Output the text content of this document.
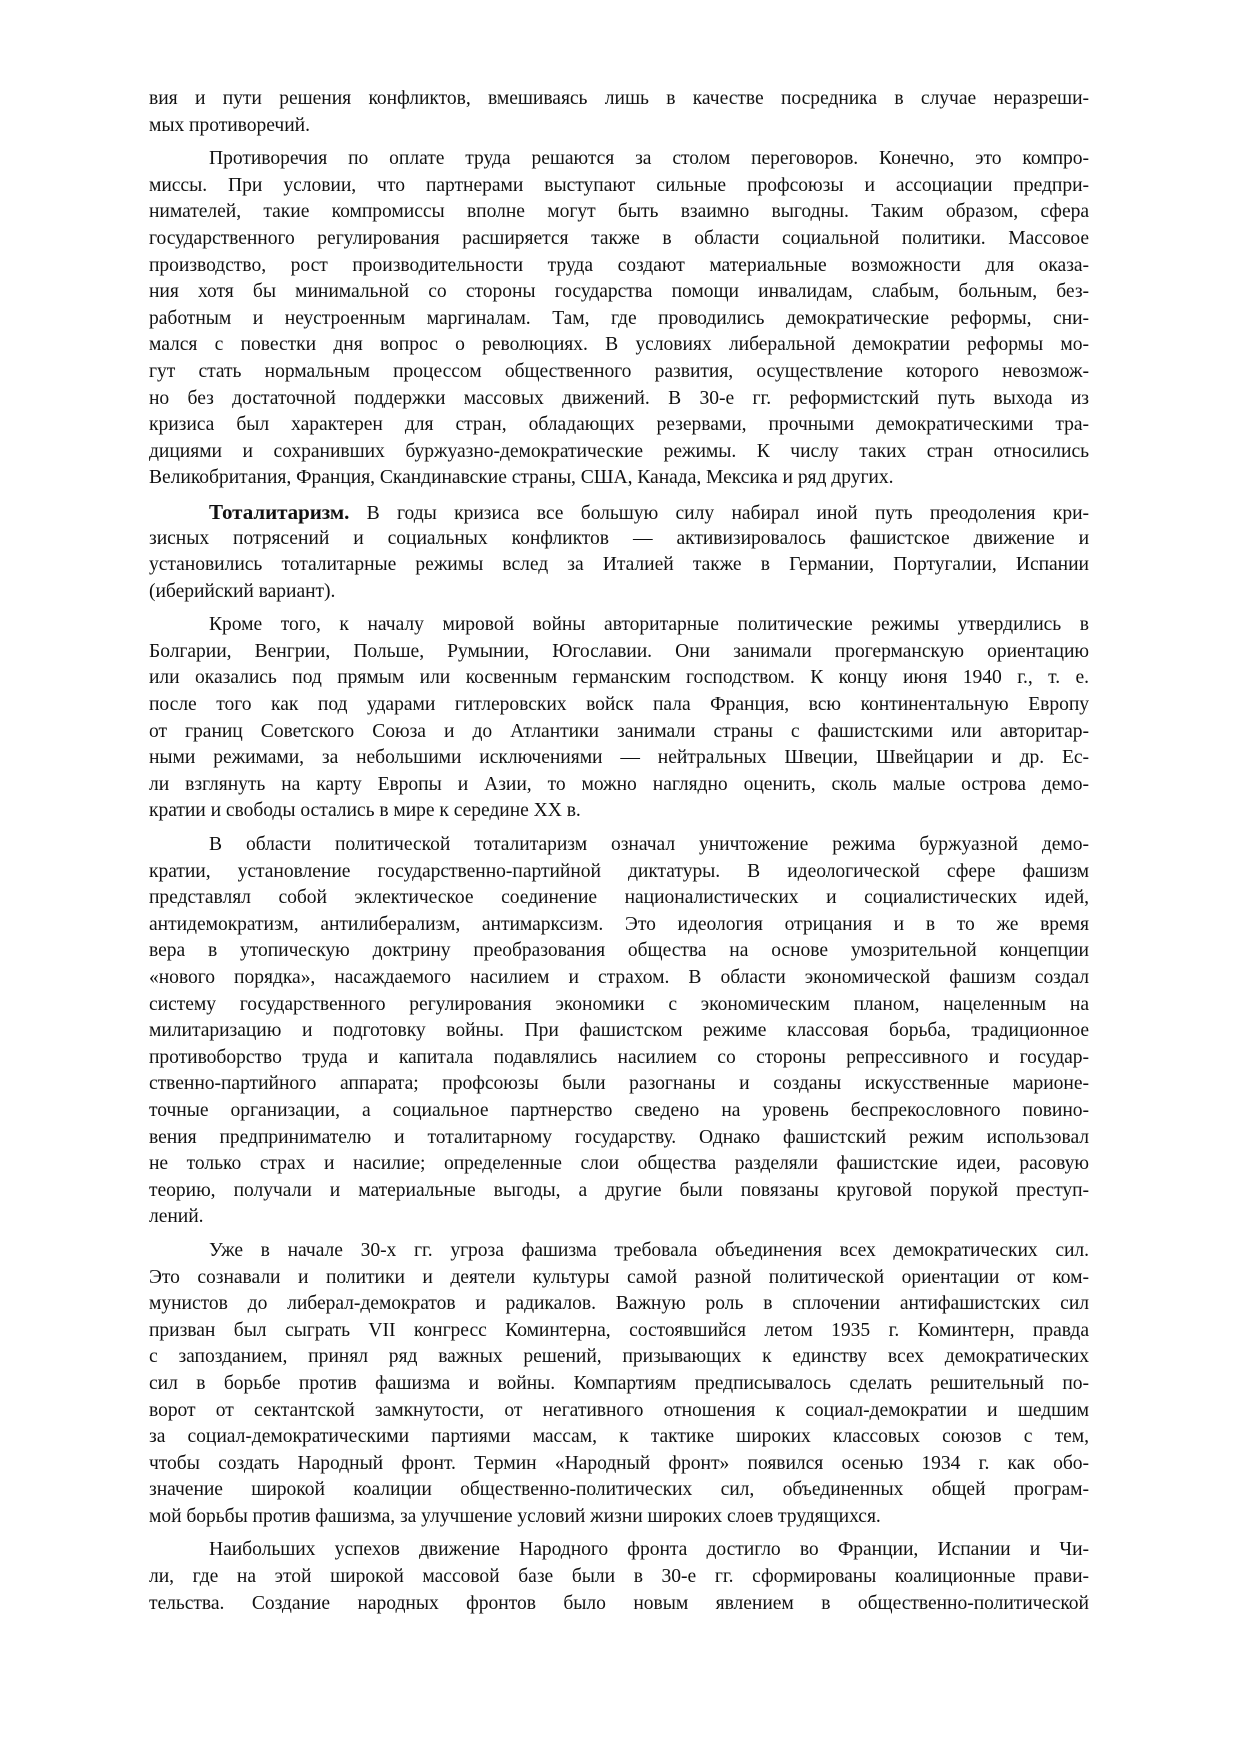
вия и пути решения конфликтов, вмешиваясь лишь в качестве посредника в случае неразреши-
мых противоречий.
Противоречия по оплате труда решаются за столом переговоров. Конечно, это компро-
миссы. При условии, что партнерами выступают сильные профсоюзы и ассоциации предпри-
нимателей, такие компромиссы вполне могут быть взаимно выгодны. Таким образом, сфера
государственного регулирования расширяется также в области социальной политики. Массовое
производство, рост производительности труда создают материальные возможности для оказа-
ния хотя бы минимальной со стороны государства помощи инвалидам, слабым, больным, без-
работным и неустроенным маргиналам. Там, где проводились демократические реформы, сни-
мался с повестки дня вопрос о революциях. В условиях либеральной демократии реформы мо-
гут стать нормальным процессом общественного развития, осуществление которого невозмож-
но без достаточной поддержки массовых движений. В 30-е гг. реформистский путь выхода из
кризиса был характерен для стран, обладающих резервами, прочными демократическими тра-
дициями и сохранивших буржуазно-демократические режимы. К числу таких стран относились
Великобритания, Франция, Скандинавские страны, США, Канада, Мексика и ряд других.
Тоталитаризм. В годы кризиса все большую силу набирал иной путь преодоления кри-
зисных потрясений и социальных конфликтов — активизировалось фашистское движение и
установились тоталитарные режимы вслед за Италией также в Германии, Португалии, Испании
(иберийский вариант).
Кроме того, к началу мировой войны авторитарные политические режимы утвердились в
Болгарии, Венгрии, Польше, Румынии, Югославии. Они занимали прогерманскую ориентацию
или оказались под прямым или косвенным германским господством. К концу июня 1940 г., т. е.
после того как под ударами гитлеровских войск пала Франция, всю континентальную Европу
от границ Советского Союза и до Атлантики занимали страны с фашистскими или авторитар-
ными режимами, за небольшими исключениями — нейтральных Швеции, Швейцарии и др. Ес-
ли взглянуть на карту Европы и Азии, то можно наглядно оценить, сколь малые острова демо-
кратии и свободы остались в мире к середине XX в.
В области политической тоталитаризм означал уничтожение режима буржуазной демо-
кратии, установление государственно-партийной диктатуры. В идеологической сфере фашизм
представлял собой эклектическое соединение националистических и социалистических идей,
антидемократизм, антилиберализм, антимарксизм. Это идеология отрицания и в то же время
вера в утопическую доктрину преобразования общества на основе умозрительной концепции
«нового порядка», насаждаемого насилием и страхом. В области экономической фашизм создал
систему государственного регулирования экономики с экономическим планом, нацеленным на
милитаризацию и подготовку войны. При фашистском режиме классовая борьба, традиционное
противоборство труда и капитала подавлялись насилием со стороны репрессивного и государ-
ственно-партийного аппарата; профсоюзы были разогнаны и созданы искусственные марионе-
точные организации, а социальное партнерство сведено на уровень беспрекословного повино-
вения предпринимателю и тоталитарному государству. Однако фашистский режим использовал
не только страх и насилие; определенные слои общества разделяли фашистские идеи, расовую
теорию, получали и материальные выгоды, а другие были повязаны круговой порукой преступ-
лений.
Уже в начале 30-х гг. угроза фашизма требовала объединения всех демократических сил.
Это сознавали и политики и деятели культуры самой разной политической ориентации от ком-
мунистов до либерал-демократов и радикалов. Важную роль в сплочении антифашистских сил
призван был сыграть VII конгресс Коминтерна, состоявшийся летом 1935 г. Коминтерн, правда
с запозданием, принял ряд важных решений, призывающих к единству всех демократических
сил в борьбе против фашизма и войны. Компартиям предписывалось сделать решительный по-
ворот от сектантской замкнутости, от негативного отношения к социал-демократии и шедшим
за социал-демократическими партиями массам, к тактике широких классовых союзов с тем,
чтобы создать Народный фронт. Термин «Народный фронт» появился осенью 1934 г. как обо-
значение широкой коалиции общественно-политических сил, объединенных общей програм-
мой борьбы против фашизма, за улучшение условий жизни широких слоев трудящихся.
Наибольших успехов движение Народного фронта достигло во Франции, Испании и Чи-
ли, где на этой широкой массовой базе были в 30-е гг. сформированы коалиционные прави-
тельства. Создание народных фронтов было новым явлением в общественно-политической
